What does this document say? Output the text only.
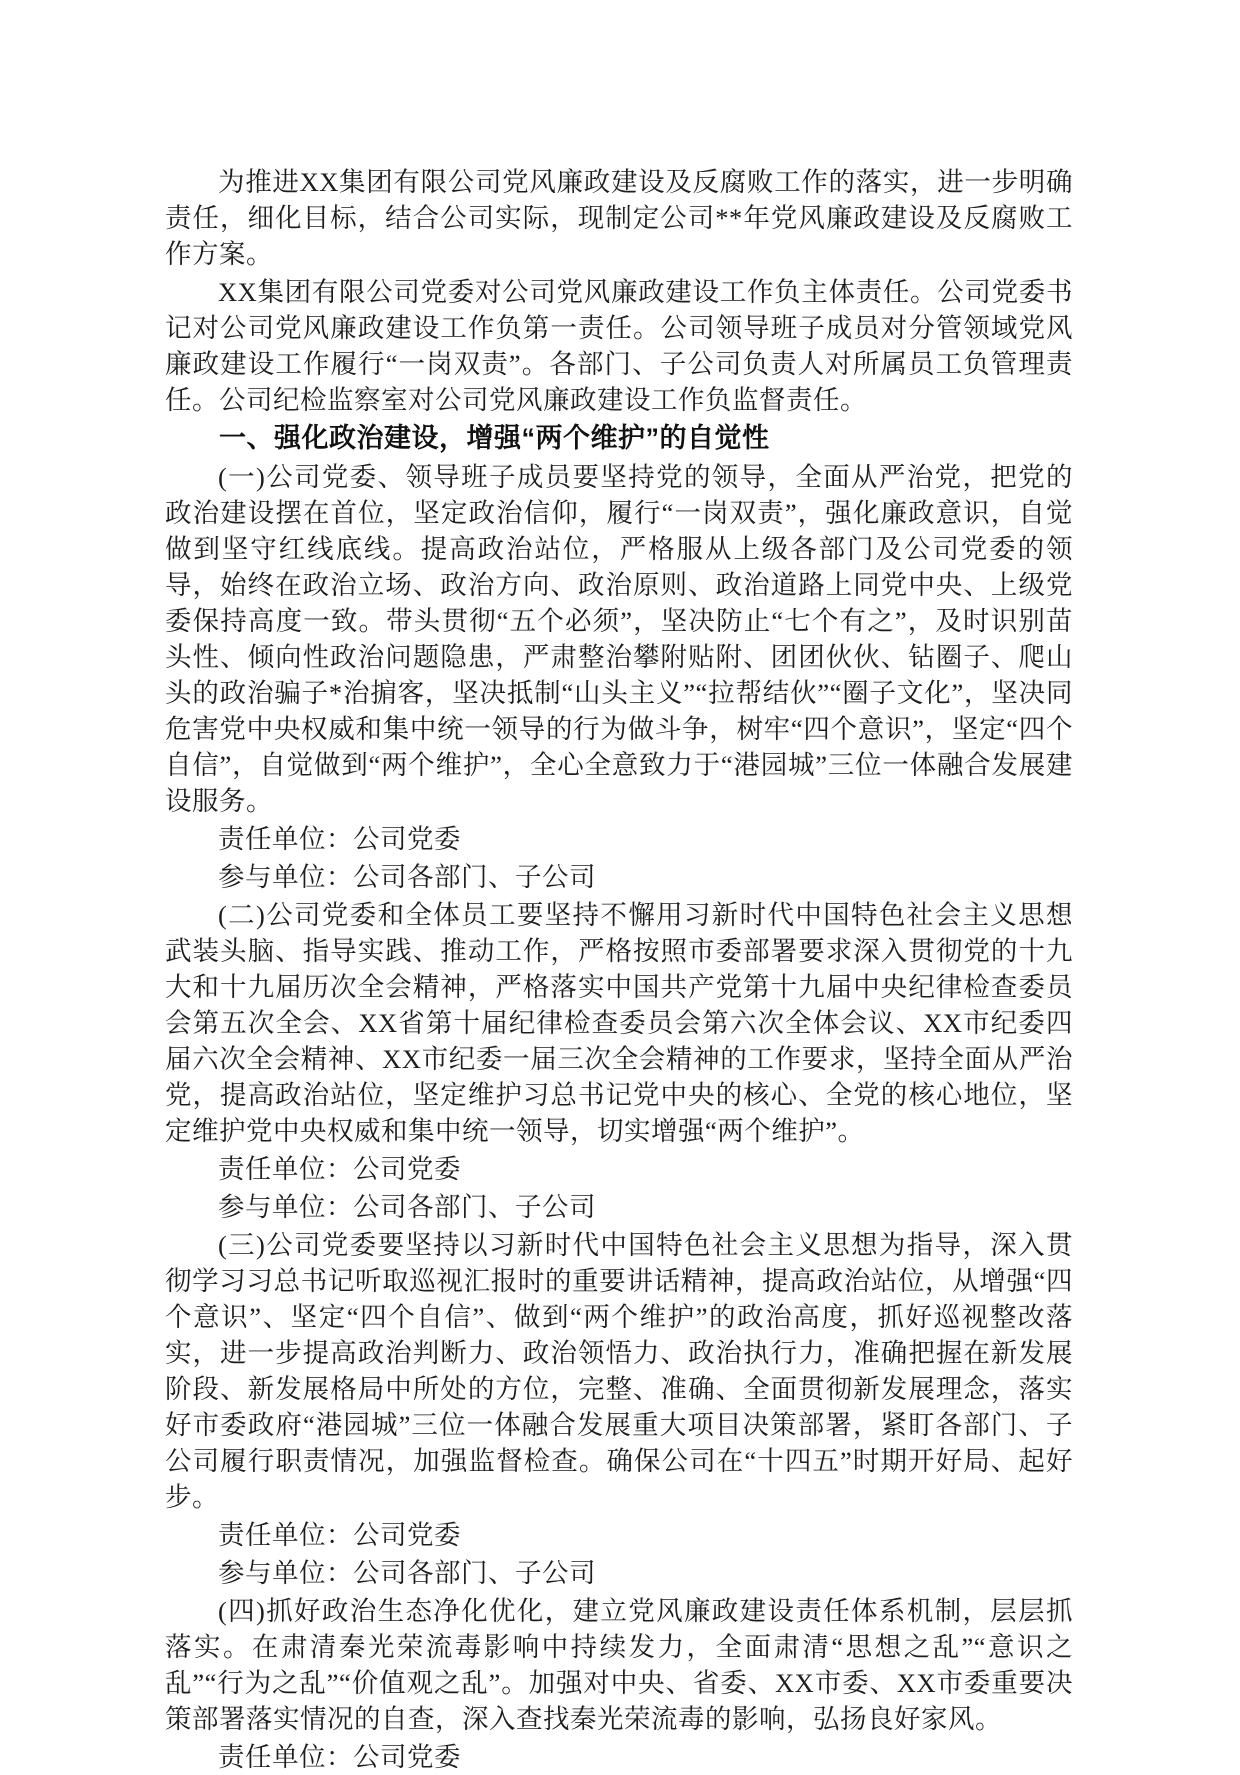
为推进XX集团有限公司党风廉政建设及反腐败工作的落实，进一步明确责任，细化目标，结合公司实际，现制定公司**年党风廉政建设及反腐败工作方案。

XX集团有限公司党委对公司党风廉政建设工作负主体责任。公司党委书记对公司党风廉政建设工作负第一责任。公司领导班子成员对分管领域党风廉政建设工作履行“一岗双责”。各部门、子公司负责人对所属员工负管理责任。公司纪检监察室对公司党风廉政建设工作负监督责任。

一、强化政治建设，增强“两个维护”的自觉性

(一)公司党委、领导班子成员要坚持党的领导，全面从严治党，把党的政治建设摆在首位，坚定政治信仰，履行“一岗双责”，强化廉政意识，自觉做到坚守红线底线。提高政治站位，严格服从上级各部门及公司党委的领导，始终在政治立场、政治方向、政治原则、政治道路上同党中央、上级党委保持高度一致。带头贯彻“五个必须”，坚决防止“七个有之”，及时识别苗头性、倾向性政治问题隐患，严肃整治攀附贴附、团团伙伙、钻圈子、爬山头的政治骗子*治掮客，坚决抵制“山头主义”“拉帮结伙”“圈子文化”，坚决同危害党中央权威和集中统一领导的行为做斗争，树牢“四个意识”，坚定“四个自信”，自觉做到“两个维护”，全心全意致力于“港园城”三位一体融合发展建设服务。

责任单位：公司党委

参与单位：公司各部门、子公司

(二)公司党委和全体员工要坚持不懈用习新时代中国特色社会主义思想武装头脑、指导实践、推动工作，严格按照市委部署要求深入贯彻党的十九大和十九届历次全会精神，严格落实中国共产党第十九届中央纪律检查委员会第五次全会、XX省第十届纪律检查委员会第六次全体会议、XX市纪委四届六次全会精神、XX市纪委一届三次全会精神的工作要求，坚持全面从严治党，提高政治站位，坚定维护习总书记党中央的核心、全党的核心地位，坚定维护党中央权威和集中统一领导，切实增强“两个维护”。

责任单位：公司党委

参与单位：公司各部门、子公司

(三)公司党委要坚持以习新时代中国特色社会主义思想为指导，深入贯彻学习习总书记听取巡视汇报时的重要讲话精神，提高政治站位，从增强“四个意识”、坚定“四个自信”、做到“两个维护”的政治高度，抓好巡视整改落实，进一步提高政治判断力、政治领悟力、政治执行力，准确把握在新发展阶段、新发展格局中所处的方位，完整、准确、全面贯彻新发展理念，落实好市委政府“港园城”三位一体融合发展重大项目决策部署，紧盯各部门、子公司履行职责情况，加强监督检查。确保公司在“十四五”时期开好局、起好步。

责任单位：公司党委

参与单位：公司各部门、子公司

(四)抓好政治生态净化优化，建立党风廉政建设责任体系机制，层层抓落实。在肃清秦光荣流毒影响中持续发力，全面肃清“思想之乱”“意识之乱”“行为之乱”“价值观之乱”。加强对中央、省委、XX市委、XX市委重要决策部署落实情况的自查，深入查找秦光荣流毒的影响，弘扬良好家风。

责任单位：公司党委
